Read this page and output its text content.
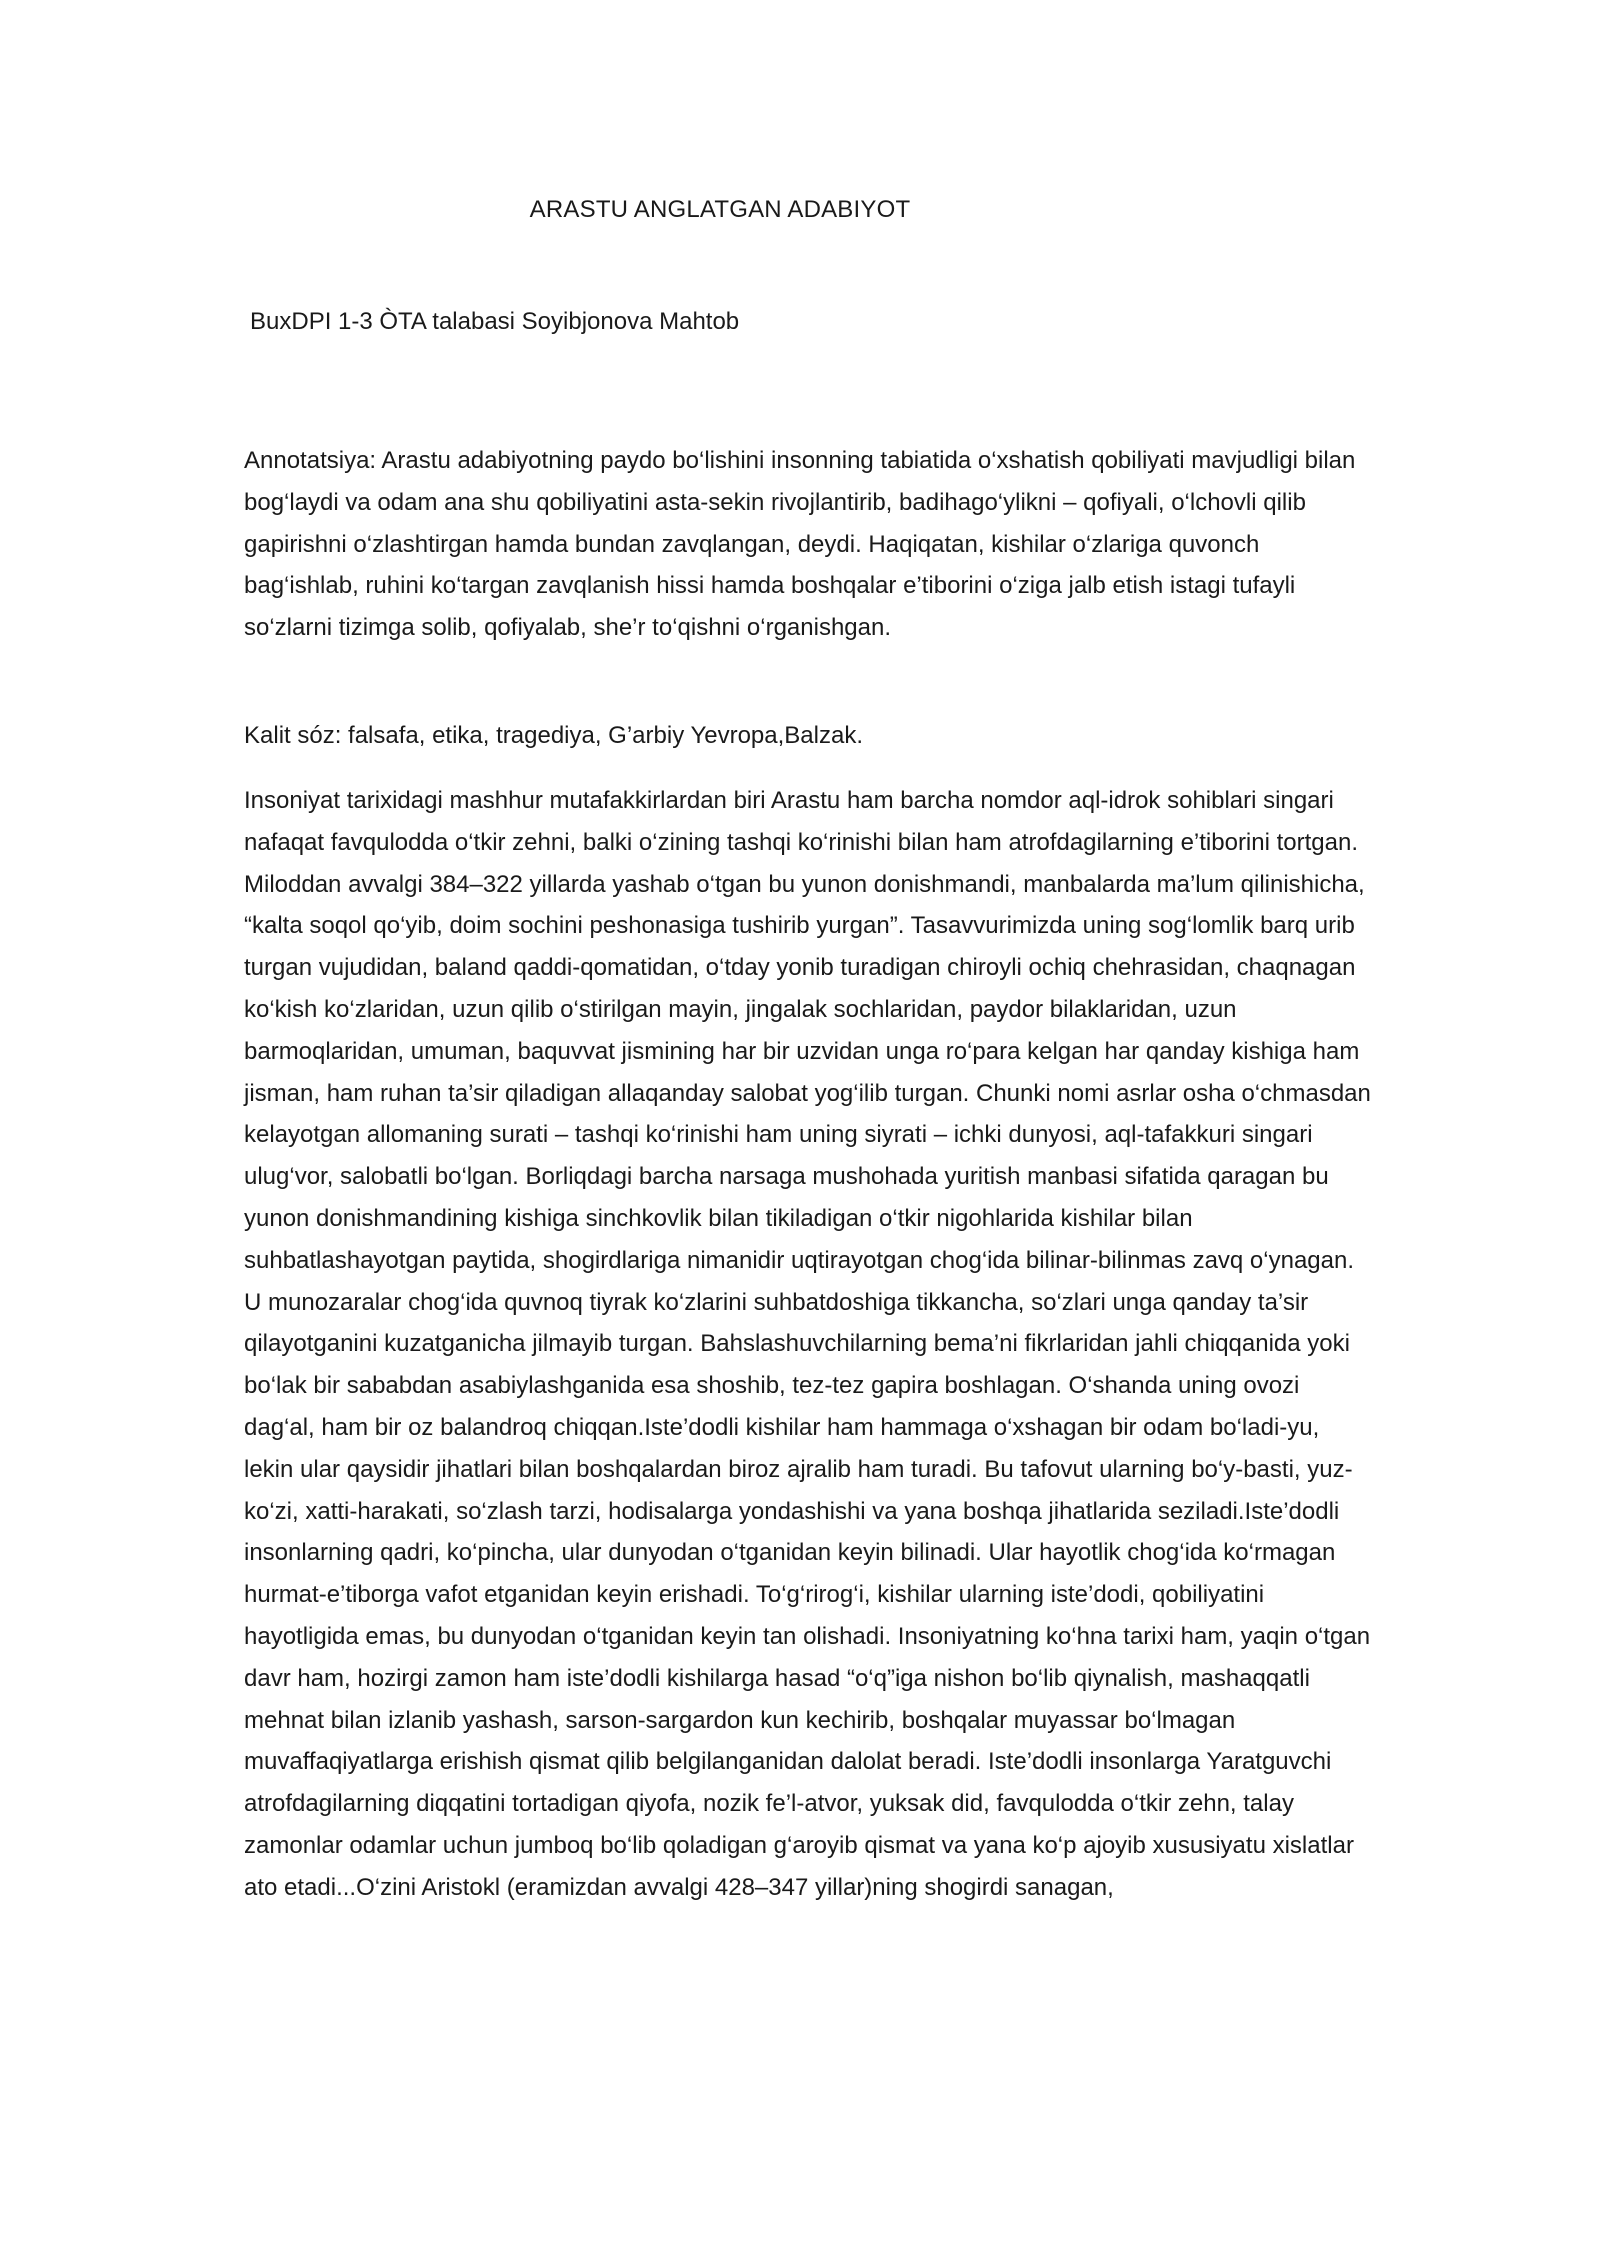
ARASTU ANGLATGAN ADABIYOT
BuxDPI 1-3 ÒTA talabasi Soyibjonova Mahtob

Annotatsiya: Arastu adabiyotning paydo bo‘lishini insonning tabiatida o‘xshatish qobiliyati mavjudligi bilan bog‘laydi va odam ana shu qobiliyatini asta-sekin rivojlantirib, badihago‘ylikni – qofiyali, o‘lchovli qilib gapirishni o‘zlashtirgan hamda bundan zavqlangan, deydi. Haqiqatan, kishilar o‘zlariga quvonch bag‘ishlab, ruhini ko‘targan zavqlanish hissi hamda boshqalar e’tiborini o‘ziga jalb etish istagi tufayli so‘zlarni tizimga solib, qofiyalab, she’r to‘qishni o‘rganishgan.

Kalit sóz: falsafa, etika, tragediya, G’arbiy Yevropa,Balzak.

Insoniyat tarixidagi mashhur mutafakkirlardan biri Arastu ham barcha nomdor aql-idrok sohiblari singari nafaqat favqulodda o‘tkir zehni, balki o‘zining tashqi ko‘rinishi bilan ham atrofdagilarning e’tiborini tortgan. Miloddan avvalgi 384–322 yillarda yashab o‘tgan bu yunon donishmandi, manbalarda ma’lum qilinishicha, “kalta soqol qo‘yib, doim sochini peshonasiga tushirib yurgan”. Tasavvurimizda uning sog‘lomlik barq urib turgan vujudidan, baland qaddi-qomatidan, o‘tday yonib turadigan chiroyli ochiq chehrasidan, chaqnagan ko‘kish ko‘zlaridan, uzun qilib o‘stirilgan mayin, jingalak sochlaridan, paydor bilaklaridan, uzun barmoqlaridan, umuman, baquvvat jismining har bir uzvidan unga ro‘para kelgan har qanday kishiga ham jisman, ham ruhan ta’sir qiladigan allaqanday salobat yog‘ilib turgan. Chunki nomi asrlar osha o‘chmasdan kelayotgan allomaning surati – tashqi ko‘rinishi ham uning siyrati – ichki dunyosi, aql-tafakkuri singari ulug‘vor, salobatli bo‘lgan. Borliqdagi barcha narsaga mushohada yuritish manbasi sifatida qaragan bu yunon donishmandining kishiga sinchkovlik bilan tikiladigan o‘tkir nigohlarida kishilar bilan suhbatlashayotgan paytida, shogirdlariga nimanidir uqtirayotgan chog‘ida bilinar-bilinmas zavq o‘ynagan. U munozaralar chog‘ida quvnoq tiyrak ko‘zlarini suhbatdoshiga tikkancha, so‘zlari unga qanday ta’sir qilayotganini kuzatganicha jilmayib turgan. Bahslashuvchilarning bema’ni fikrlaridan jahli chiqqanida yoki bo‘lak bir sababdan asabiylashganida esa shoshib, tez-tez gapira boshlagan. O‘shanda uning ovozi dag‘al, ham bir oz balandroq chiqqan.Iste’dodli kishilar ham hammaga o‘xshagan bir odam bo‘ladi-yu, lekin ular qaysidir jihatlari bilan boshqalardan biroz ajralib ham turadi. Bu tafovut ularning bo‘y-basti, yuz-ko‘zi, xatti-harakati, so‘zlash tarzi, hodisalarga yondashishi va yana boshqa jihatlarida seziladi.Iste’dodli insonlarning qadri, ko‘pincha, ular dunyodan o‘tganidan keyin bilinadi. Ular hayotlik chog‘ida ko‘rmagan hurmat-e’tiborga vafot etganidan keyin erishadi. To‘g‘rirog‘i, kishilar ularning iste’dodi, qobiliyatini hayotligida emas, bu dunyodan o‘tganidan keyin tan olishadi. Insoniyatning ko‘hna tarixi ham, yaqin o‘tgan davr ham, hozirgi zamon ham iste’dodli kishilarga hasad “o‘q”iga nishon bo‘lib qiynalish, mashaqqatli mehnat bilan izlanib yashash, sarson-sargardon kun kechirib, boshqalar muyassar bo‘lmagan muvaffaqiyatlarga erishish qismat qilib belgilanganidan dalolat beradi. Iste’dodli insonlarga Yaratguvchi atrofdagilarning diqqatini tortadigan qiyofa, nozik fe’l-atvor, yuksak did, favqulodda o‘tkir zehn, talay zamonlar odamlar uchun jumboq bo‘lib qoladigan g‘aroyib qismat va yana ko‘p ajoyib xususiyatu xislatlar ato etadi...O‘zini Aristokl (eramizdan avvalgi 428–347 yillar)ning shogirdi sanagan,
